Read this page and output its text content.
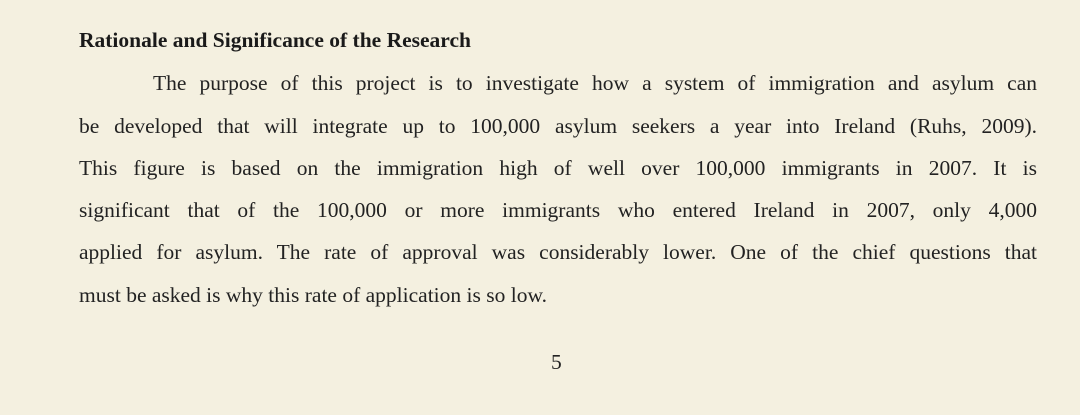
Rationale and Significance of the Research
The purpose of this project is to investigate how a system of immigration and asylum can
be developed that will integrate up to 100,000 asylum seekers a year into Ireland (Ruhs, 2009).
This figure is based on the immigration high of well over 100,000 immigrants in 2007. It is
significant that of the 100,000 or more immigrants who entered Ireland in 2007, only 4,000
applied for asylum. The rate of approval was considerably lower. One of the chief questions that
must be asked is why this rate of application is so low.
5
